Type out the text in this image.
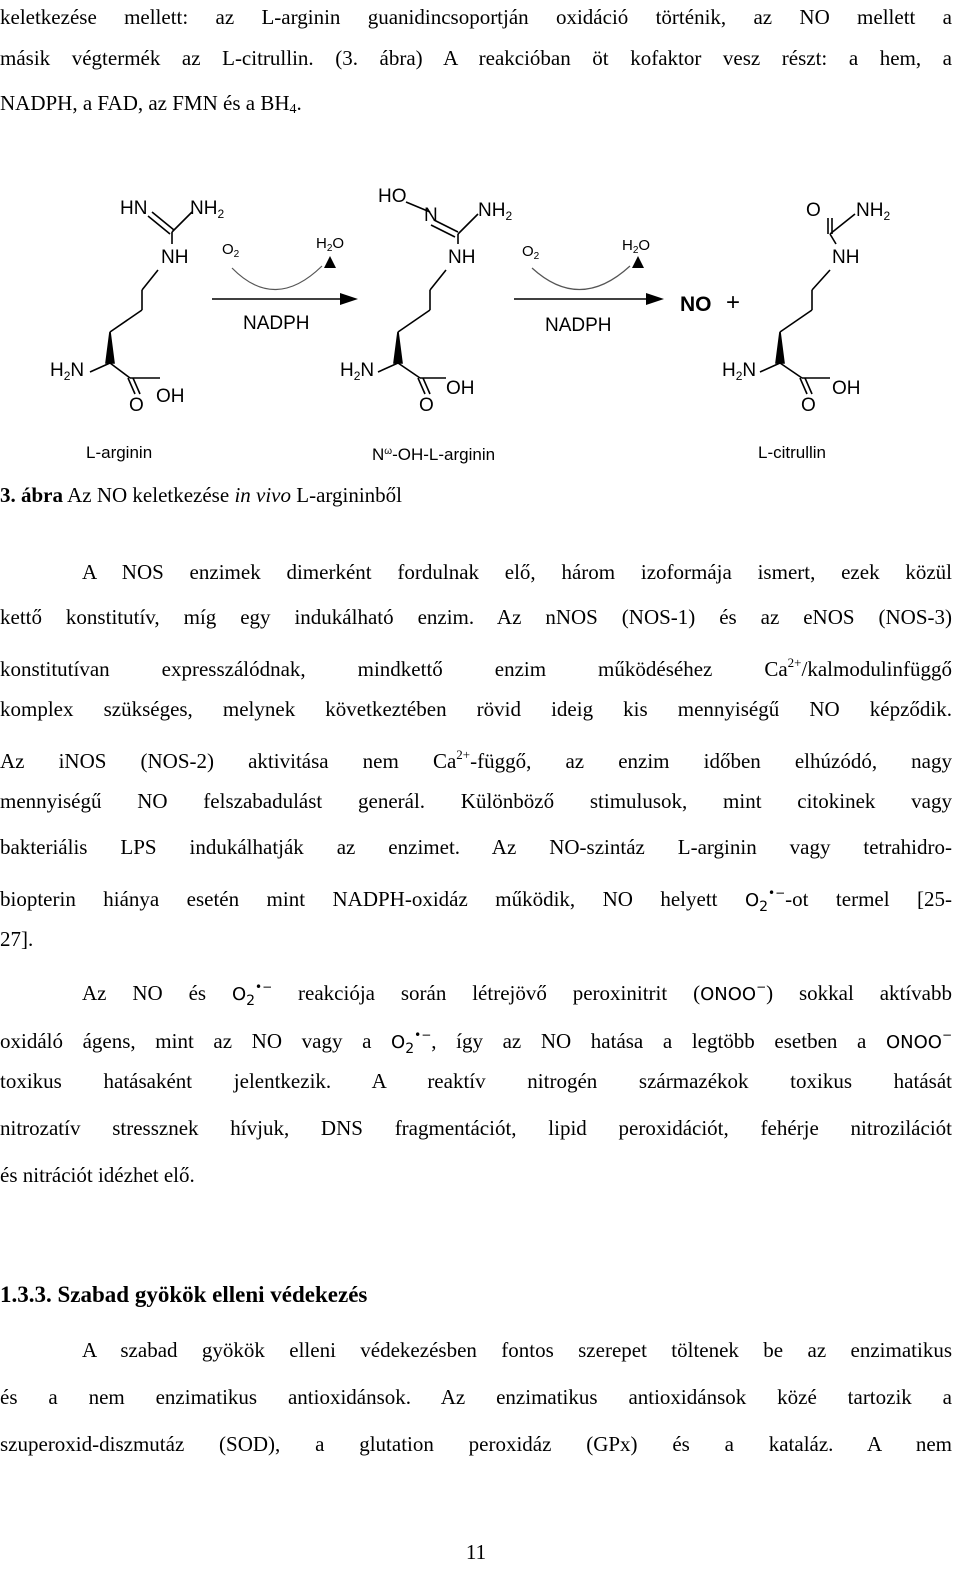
keletkezése mellett: az L-arginin guanidincsoportján oxidáció történik, az NO mellett a

másik végtermék az L-citrullin. (3. ábra) A reakcióban öt kofaktor vesz részt: a hem, a

NADPH, a FAD, az FMN és a $BH_4$.

HN $NH_2$
NH
$H_2N$
O OH
$O_2$
$H_2O$
NADPH
HO
N $NH_2$
NH
$H_2N$
O
OH
$O_2$
$H_2O$
NADPH
NO +
O $NH_2$
NH
$H_2N$
O
OH
L-arginin	$N^\omega-OH-L$-arginin	L-citrullin

3. ábra Az NO keletkezése in vivo L-argininből

A NOS enzimek dimerként fordulnak elő, három izoformája ismert, ezek közül

kettő konstitutív, míg egy indukálható enzim. Az nNOS (NOS-1) és az eNOS (NOS-3)

konstitutívan expresszálódnak, mindkettő enzim működéséhez $Ca^{2+}$/kalmodulinfüggő

komplex szükséges, melynek következtében rövid ideig kis mennyiségű NO képződik.

Az iNOS (NOS-2) aktivitása nem $Ca^{2+}$-függő, az enzim időben elhúzódó, nagy

mennyiségű NO felszabadulást generál. Különböző stimulusok, mint citokinek vagy

bakteriális LPS indukálhatják az enzimet. Az NO-szintáz L-arginin vagy tetrahidro-

biopterin hiánya esetén mint NADPH-oxidáz működik, NO helyett $O_2^{•-}-ot$ termel [25-

27].

Az NO és $O_2^{•-}$ reakciója során létrejövő peroxinitrit (ONOO−) sokkal aktívabb

oxidáló ágens, mint az NO vagy a $O_2^{•-}$, így az NO hatása a legtöbb esetben a ONOO−

toxikus hatásaként jelentkezik. A reaktív nitrogén származékok toxikus hatását

nitrozatív stressznek hívjuk, DNS fragmentációt, lipid peroxidációt, fehérje nitrozilációt

és nitrációt idézhet elő.

1.3.3. Szabad gyökök elleni védekezés

A szabad gyökök elleni védekezésben fontos szerepet töltenek be az enzimatikus

és a nem enzimatikus antioxidánsok. Az enzimatikus antioxidánsok közé tartozik a

szuperoxid-diszmutáz (SOD), a glutation peroxidáz (GPx) és a kataláz. A nem

11
